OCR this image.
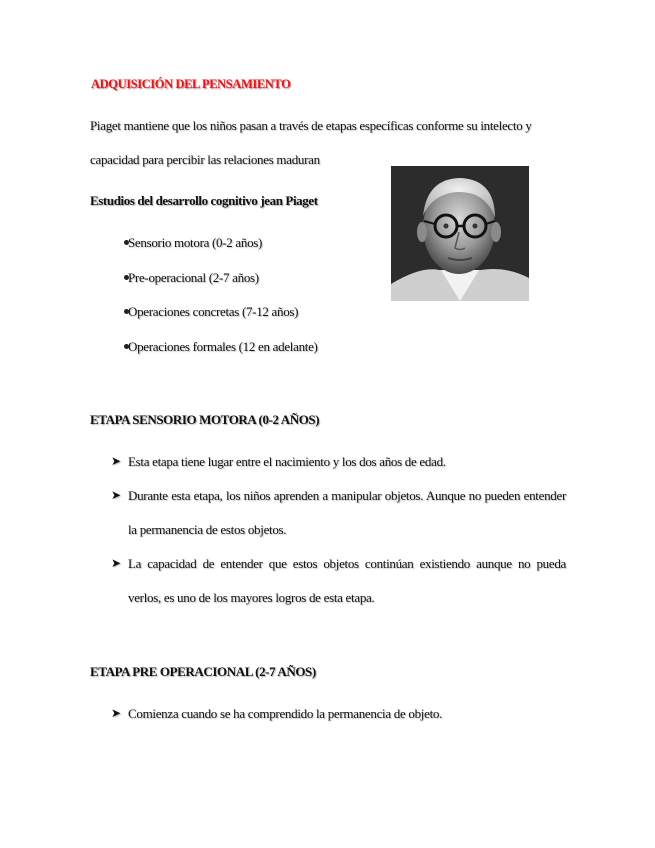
ADQUISICIÓN DEL PENSAMIENTO
Piaget mantiene que los niños pasan a través de etapas específicas conforme su intelecto y
capacidad para percibir las relaciones maduran
Estudios del desarrollo cognitivo jean Piaget
Sensorio motora (0-2 años)
Pre-operacional (2-7 años)
Operaciones concretas (7-12 años)
Operaciones formales (12 en adelante)
ETAPA SENSORIO MOTORA (0-2 AÑOS)
➤ Esta etapa tiene lugar entre el nacimiento y los dos años de edad.
➤ Durante esta etapa, los niños aprenden a manipular objetos. Aunque no pueden entender la permanencia de estos objetos.
➤ La capacidad de entender que estos objetos continúan existiendo aunque no pueda verlos, es uno de los mayores logros de esta etapa.
ETAPA PRE OPERACIONAL (2-7 AÑOS)
➤ Comienza cuando se ha comprendido la permanencia de objeto.
